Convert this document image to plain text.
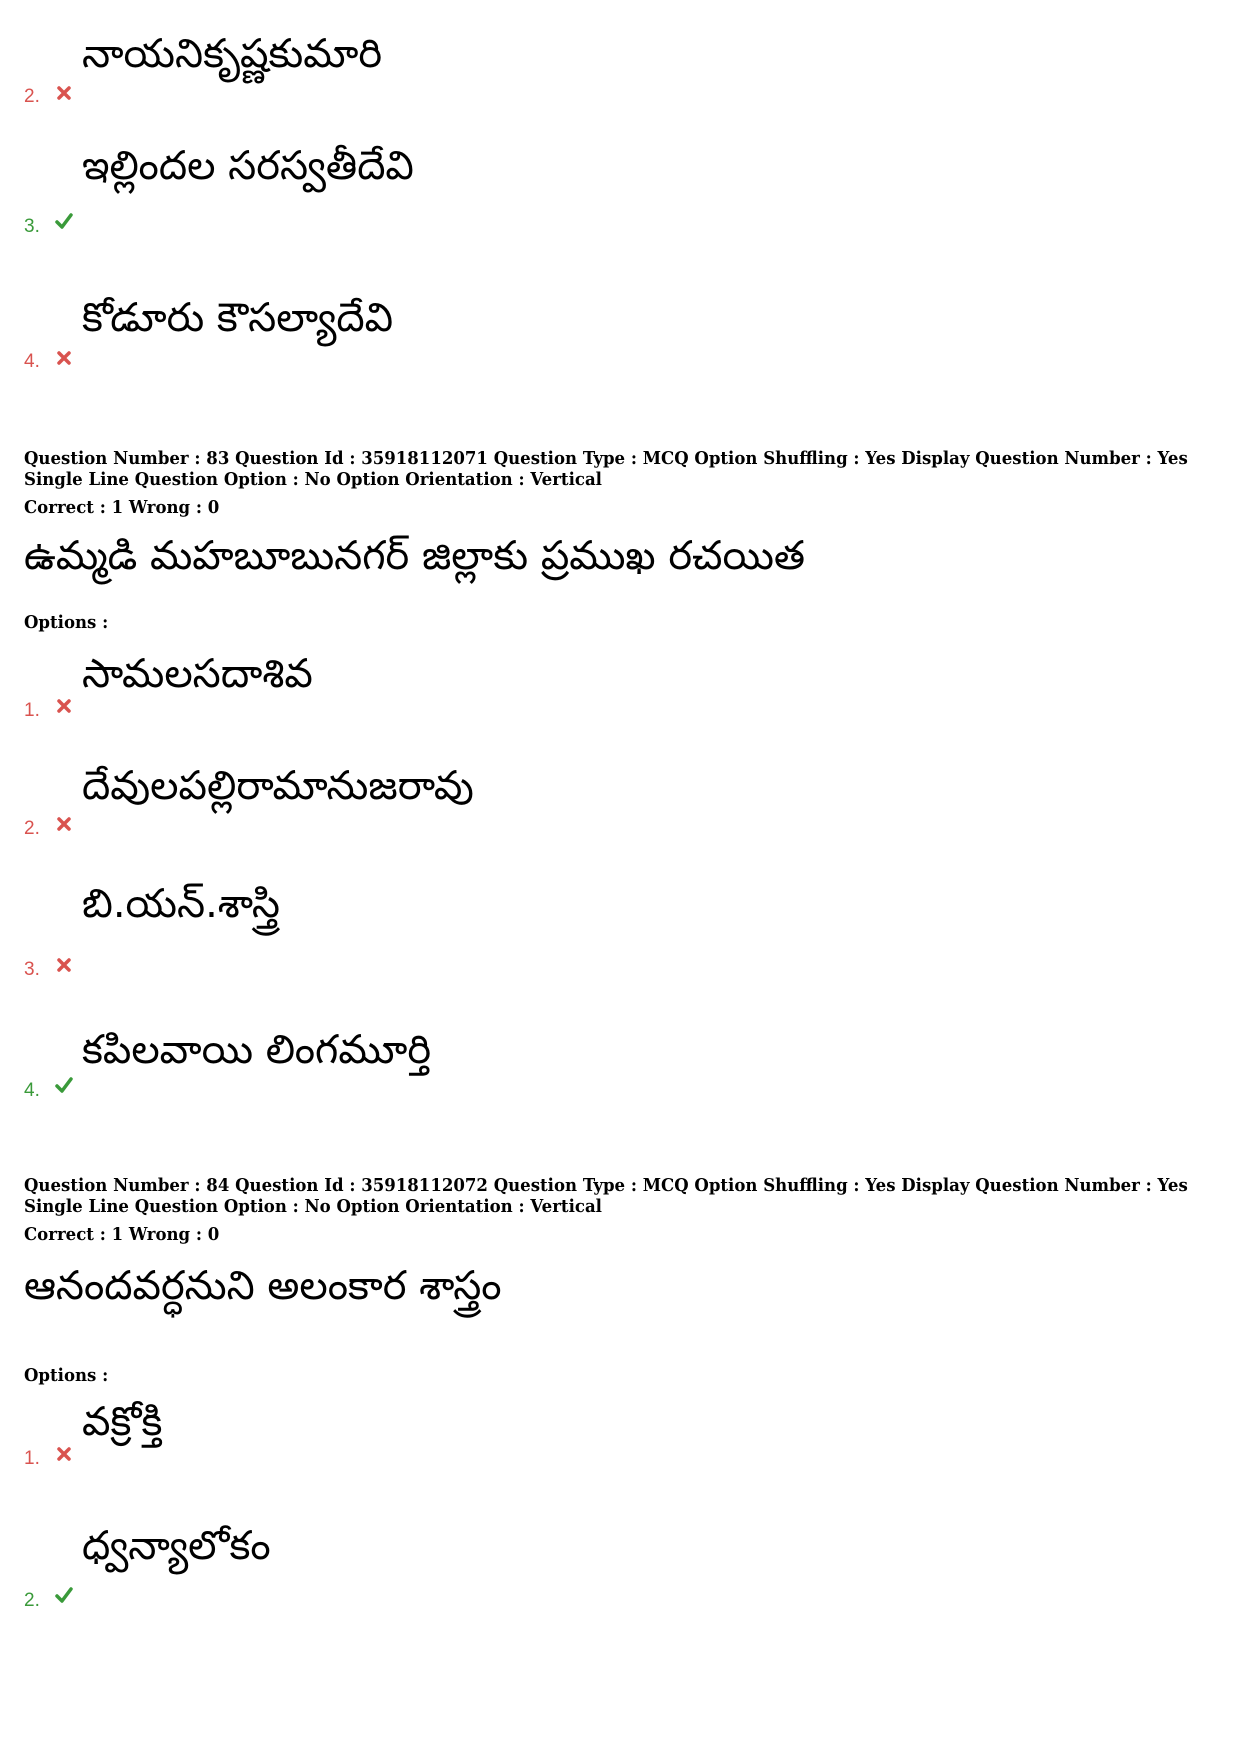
నాయనికృష్ణకుమారి
2.
ఇల్లిందల సరస్వతీదేవి
3.
కోడూరు కౌసల్యాదేవి
4.
Question Number : 83 Question Id : 35918112071 Question Type : MCQ Option Shuffling : Yes Display Question Number : Yes
Single Line Question Option : No Option Orientation : Vertical
Correct : 1 Wrong : 0
ఉమ్మడి మహబూబునగర్ జిల్లాకు ప్రముఖ రచయిత
Options :
సామలసదాశివ
1.
దేవులపల్లిరామానుజరావు
2.
బి.యన్.శాస్త్రి
3.
కపిలవాయి లింగమూర్తి
4.
Question Number : 84 Question Id : 35918112072 Question Type : MCQ Option Shuffling : Yes Display Question Number : Yes
Single Line Question Option : No Option Orientation : Vertical
Correct : 1 Wrong : 0
ఆనందవర్ధనుని అలంకార శాస్త్రం
Options :
వక్రోక్తి
1.
ధ్వన్యాలోకం
2.
